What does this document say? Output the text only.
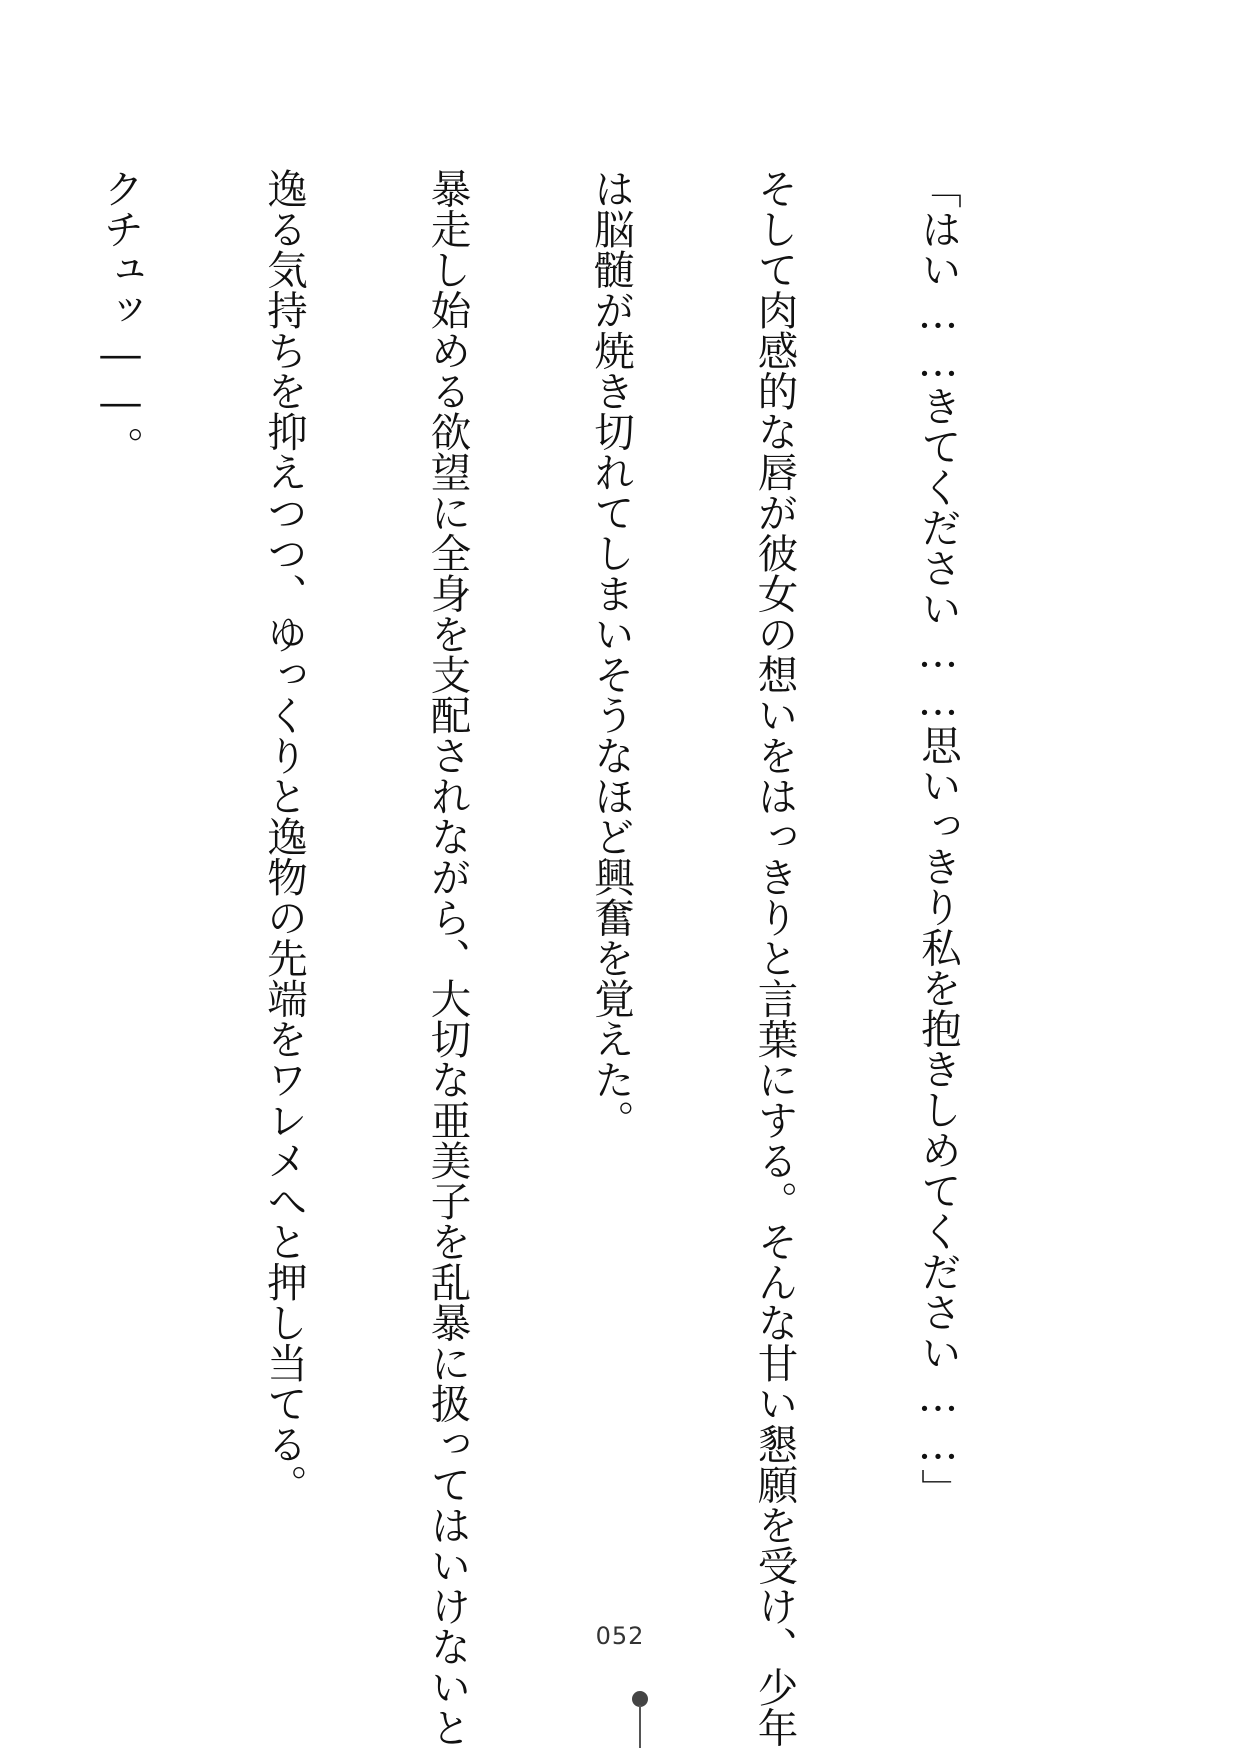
「はい……きてください……思いっきり私を抱きしめてください……」

そして肉感的な唇が彼女の想いをはっきりと言葉にする。そんな甘い懇願を受け、少年

は脳髄が焼き切れてしまいそうなほど興奮を覚えた。

暴走し始める欲望に全身を支配されながら、大切な亜美子を乱暴に扱ってはいけないと

逸る気持ちを抑えつつ、ゆっくりと逸物の先端をワレメへと押し当てる。

クチュッ――。

052
